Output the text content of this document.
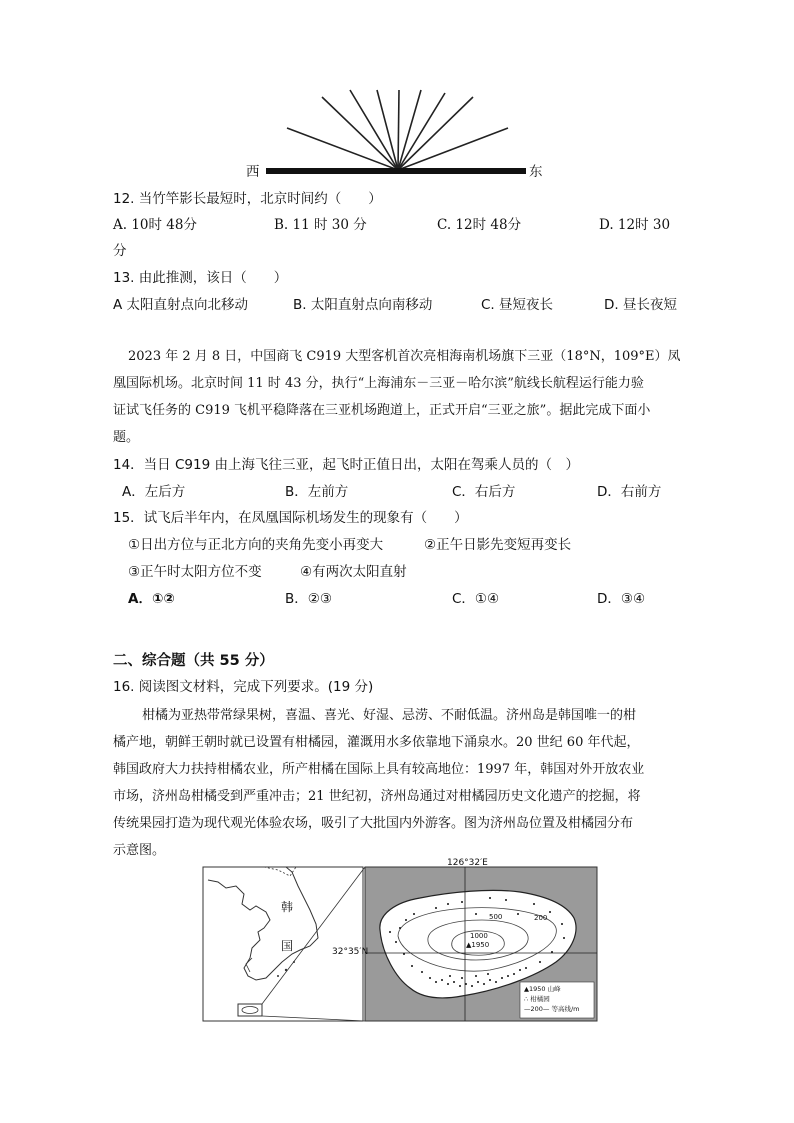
西	东
12. 当竹竿影长最短时，北京时间约（　　）
A. 10时 48分	B. 11 时 30 分	C. 12时 48分	D. 12时 30
分
13. 由此推测，该日（　　）
A 太阳直射点向北移动	B. 太阳直射点向南移动	C. 昼短夜长	D. 昼长夜短
2023 年 2 月 8 日，中国商飞 C919 大型客机首次亮相海南机场旗下三亚（18°N，109°E）凤
凰国际机场。北京时间 11 时 43 分，执行“上海浦东－三亚－哈尔滨”航线长航程运行能力验
证试飞任务的 C919 飞机平稳降落在三亚机场跑道上，正式开启“三亚之旅”。据此完成下面小
题。
14．当日 C919 由上海飞往三亚，起飞时正值日出，太阳在驾乘人员的（　）
A．左后方	B．左前方	C．右后方	D．右前方
15．试飞后半年内，在凤凰国际机场发生的现象有（　　）
①日出方位与正北方向的夹角先变小再变大	②正午日影先变短再变长
③正午时太阳方位不变	④有两次太阳直射
A．①②	B．②③	C．①④	D．③④
二、综合题（共 55 分）
16. 阅读图文材料，完成下列要求。(19 分)
柑橘为亚热带常绿果树，喜温、喜光、好湿、忌涝、不耐低温。济州岛是韩国唯一的柑
橘产地，朝鲜王朝时就已设置有柑橘园，灌溉用水多依靠地下涌泉水。20 世纪 60 年代起，
韩国政府大力扶持柑橘农业，所产柑橘在国际上具有较高地位：1997 年，韩国对外开放农业
市场，济州岛柑橘受到严重冲击；21 世纪初，济州岛通过对柑橘园历史文化遗产的挖掘，将
传统果园打造为现代观光体验农场，吸引了大批国内外游客。图为济州岛位置及柑橘园分布
示意图。
韩
国
126°32′E
32°35′N
500	200
1000
▲1950
▲1950 山峰
∴ 柑橘园
—200— 等高线/m
